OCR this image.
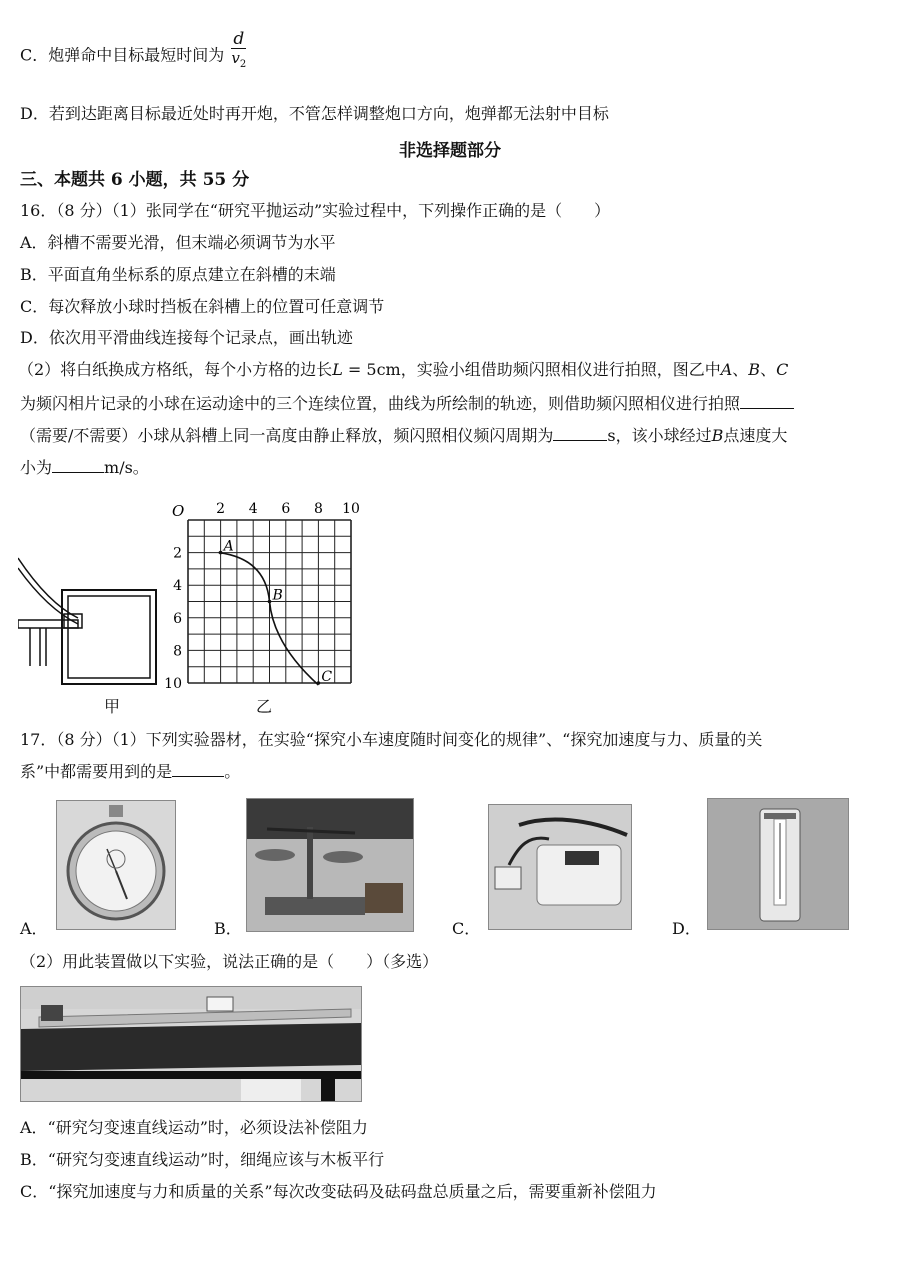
C．炮弹命中目标最短时间为 $\frac{d}{v_2}$
D．若到达距离目标最近处时再开炮，不管怎样调整炮口方向，炮弹都无法射中目标
非选择题部分
三、本题共 6 小题，共 55 分
16．（8 分）（1）张同学在“研究平抛运动”实验过程中，下列操作正确的是（　　）
A．斜槽不需要光滑，但末端必须调节为水平
B．平面直角坐标系的原点建立在斜槽的末端
C．每次释放小球时挡板在斜槽上的位置可任意调节
D．依次用平滑曲线连接每个记录点，画出轨迹
（2）将白纸换成方格纸，每个小方格的边长L = 5cm，实验小组借助频闪照相仪进行拍照，图乙中A、B、C
为频闪相片记录的小球在运动途中的三个连续位置，曲线为所绘制的轨迹，则借助频闪照相仪进行拍照
（需要/不需要）小球从斜槽上同一高度由静止释放，频闪照相仪频闪周期为	s，该小球经过B点速度大
小为	m/s。
甲
O 2 4 6 8 10
2
4
6
8
10
A
B
C
乙
17．（8 分）（1）下列实验器材，在实验“探究小车速度随时间变化的规律”、“探究加速度与力、质量的关
系”中都需要用到的是	。
A．	B．	C．	D．
（2）用此装置做以下实验，说法正确的是（　　）（多选）
A．“研究匀变速直线运动”时，必须设法补偿阻力
B．“研究匀变速直线运动”时，细绳应该与木板平行
C．“探究加速度与力和质量的关系”每次改变砝码及砝码盘总质量之后，需要重新补偿阻力
